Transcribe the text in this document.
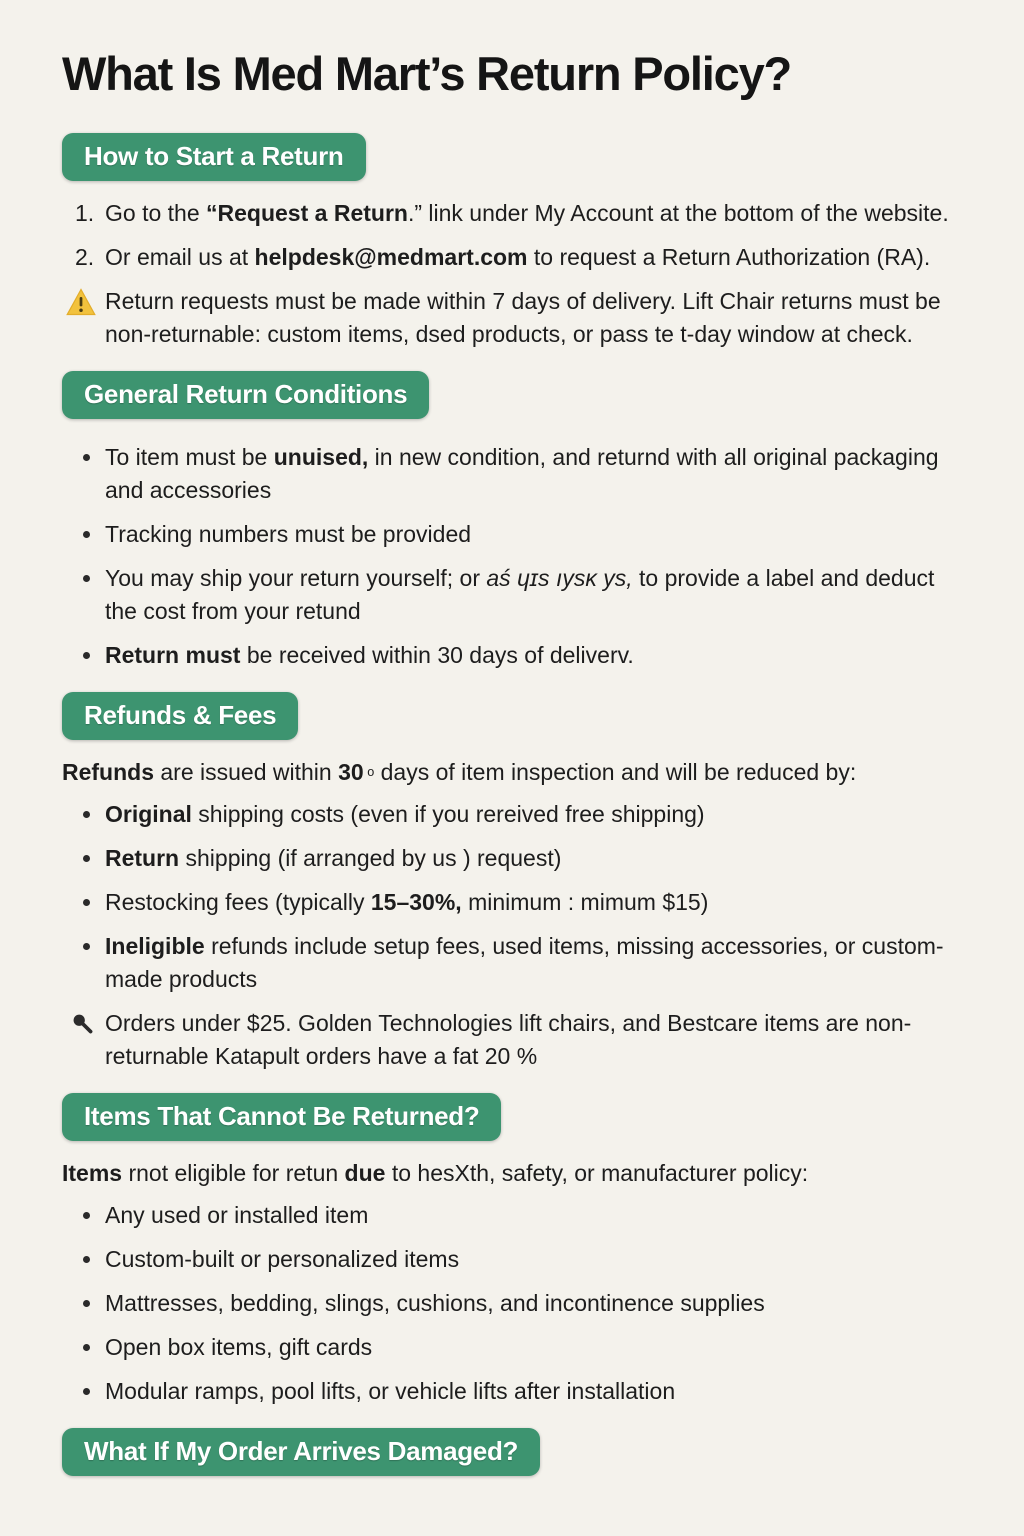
What Is Med Mart’s Return Policy?
How to Start a Return
1. Go to the “Request a Return.” link under My Account at the bottom of the website.
2. Or email us at helpdesk@medmart.com to request a Return Authorization (RA).
Return requests must be made within 7 days of delivery. Lift Chair returns must be non-returnable: custom items, dsed products, or pass te t-day window at check.
General Return Conditions
To item must be unuised, in new condition, and returnd with all original packaging and accessories
Tracking numbers must be provided
You may ship your return yourself; or aś ɥɪs ıysᴋ ys, to provide a label and deduct the cost from your retund
Return must be received within 30 days of deliverv.
Refunds & Fees

Refunds are issued within 30 o days of item inspection and will be reduced by:

Original shipping costs (even if you rereived free shipping)
Return shipping (if arranged by us ) request)
Restocking fees (typically 15–30%, minimum : mimum $15)
Ineligible refunds include setup fees, used items, missing accessories, or custom-made products
Orders under $25. Golden Technologies lift chairs, and Bestcare items are non-returnable Katapult orders have a fat 20 %
Items That Cannot Be Returned?

Items rnot eligible for retun due to hesXth, safety, or manufacturer policy:

Any used or installed item
Custom-built or personalized items
Mattresses, bedding, slings, cushions, and incontinence supplies
Open box items, gift cards
Modular ramps, pool lifts, or vehicle lifts after installation
What If My Order Arrives Damaged?
